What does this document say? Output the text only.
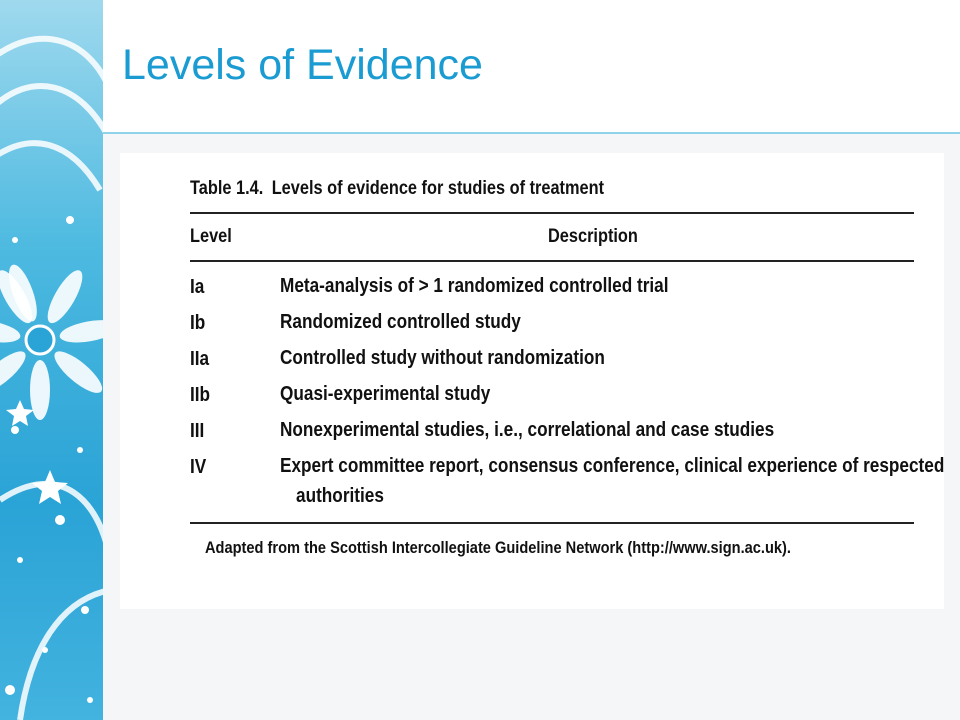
Levels of Evidence
Table 1.4. Levels of evidence for studies of treatment
Level	Description
Ia	Meta-analysis of > 1 randomized controlled trial
Ib	Randomized controlled study
IIa	Controlled study without randomization
IIb	Quasi-experimental study
III	Nonexperimental studies, i.e., correlational and case studies
IV	Expert committee report, consensus conference, clinical experience of respected
authorities
Adapted from the Scottish Intercollegiate Guideline Network (http://www.sign.ac.uk).
